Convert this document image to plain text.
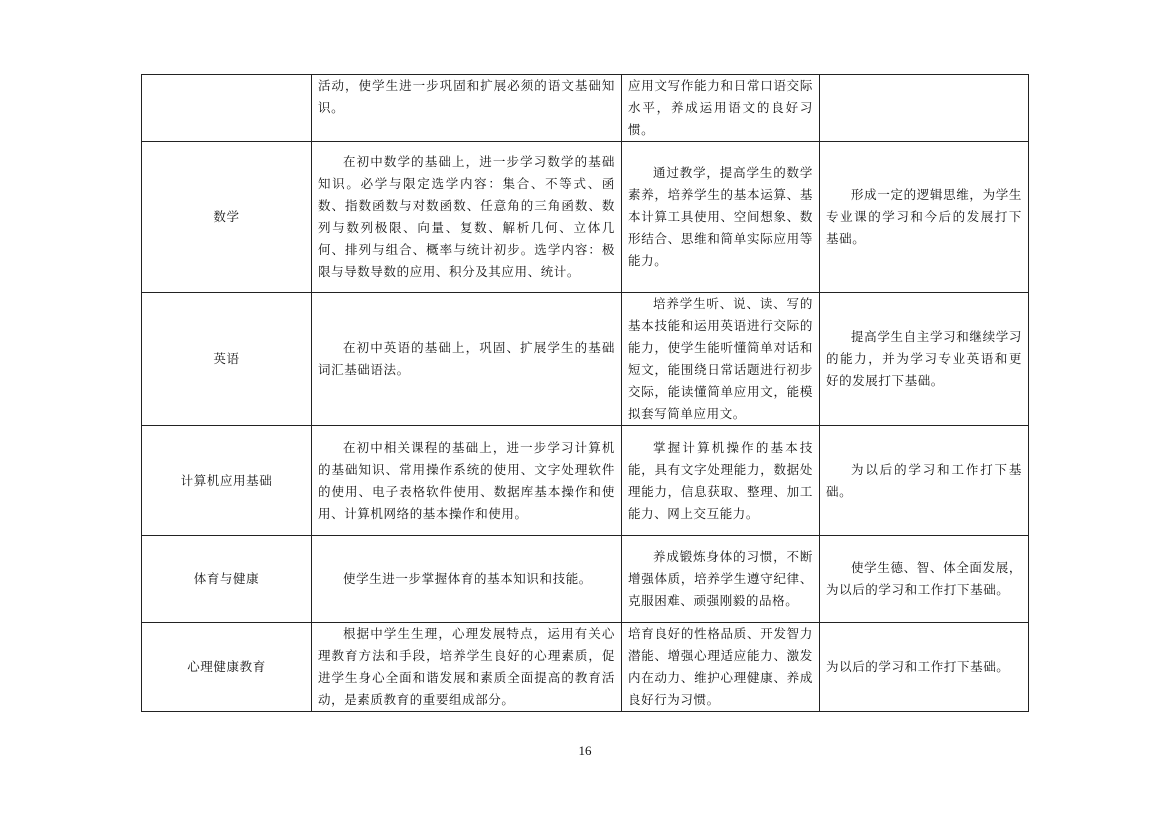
	活动，使学生进一步巩固和扩展必须的语文基础知识。	应用文写作能力和日常口语交际水平，养成运用语文的良好习惯。	
数学	在初中数学的基础上，进一步学习数学的基础知识。必学与限定选学内容：集合、不等式、函数、指数函数与对数函数、任意角的三角函数、数列与数列极限、向量、复数、解析几何、立体几何、排列与组合、概率与统计初步。选学内容：极限与导数导数的应用、积分及其应用、统计。	通过教学，提高学生的数学素养，培养学生的基本运算、基本计算工具使用、空间想象、数形结合、思维和简单实际应用等能力。	形成一定的逻辑思维，为学生专业课的学习和今后的发展打下基础。
英语	在初中英语的基础上，巩固、扩展学生的基础词汇基础语法。	培养学生听、说、读、写的基本技能和运用英语进行交际的能力，使学生能听懂简单对话和短文，能围绕日常话题进行初步交际，能读懂简单应用文，能模拟套写简单应用文。	提高学生自主学习和继续学习的能力，并为学习专业英语和更好的发展打下基础。
计算机应用基础	在初中相关课程的基础上，进一步学习计算机的基础知识、常用操作系统的使用、文字处理软件的使用、电子表格软件使用、数据库基本操作和使用、计算机网络的基本操作和使用。	掌握计算机操作的基本技能，具有文字处理能力，数据处理能力，信息获取、整理、加工能力、网上交互能力。	为以后的学习和工作打下基础。
体育与健康	使学生进一步掌握体育的基本知识和技能。	养成锻炼身体的习惯，不断增强体质，培养学生遵守纪律、克服困难、顽强刚毅的品格。	使学生德、智、体全面发展，为以后的学习和工作打下基础。
心理健康教育	根据中学生生理，心理发展特点，运用有关心理教育方法和手段，培养学生良好的心理素质，促进学生身心全面和谐发展和素质全面提高的教育活动，是素质教育的重要组成部分。	培育良好的性格品质、开发智力潜能、增强心理适应能力、激发内在动力、维护心理健康、养成良好行为习惯。	为以后的学习和工作打下基础。
16
